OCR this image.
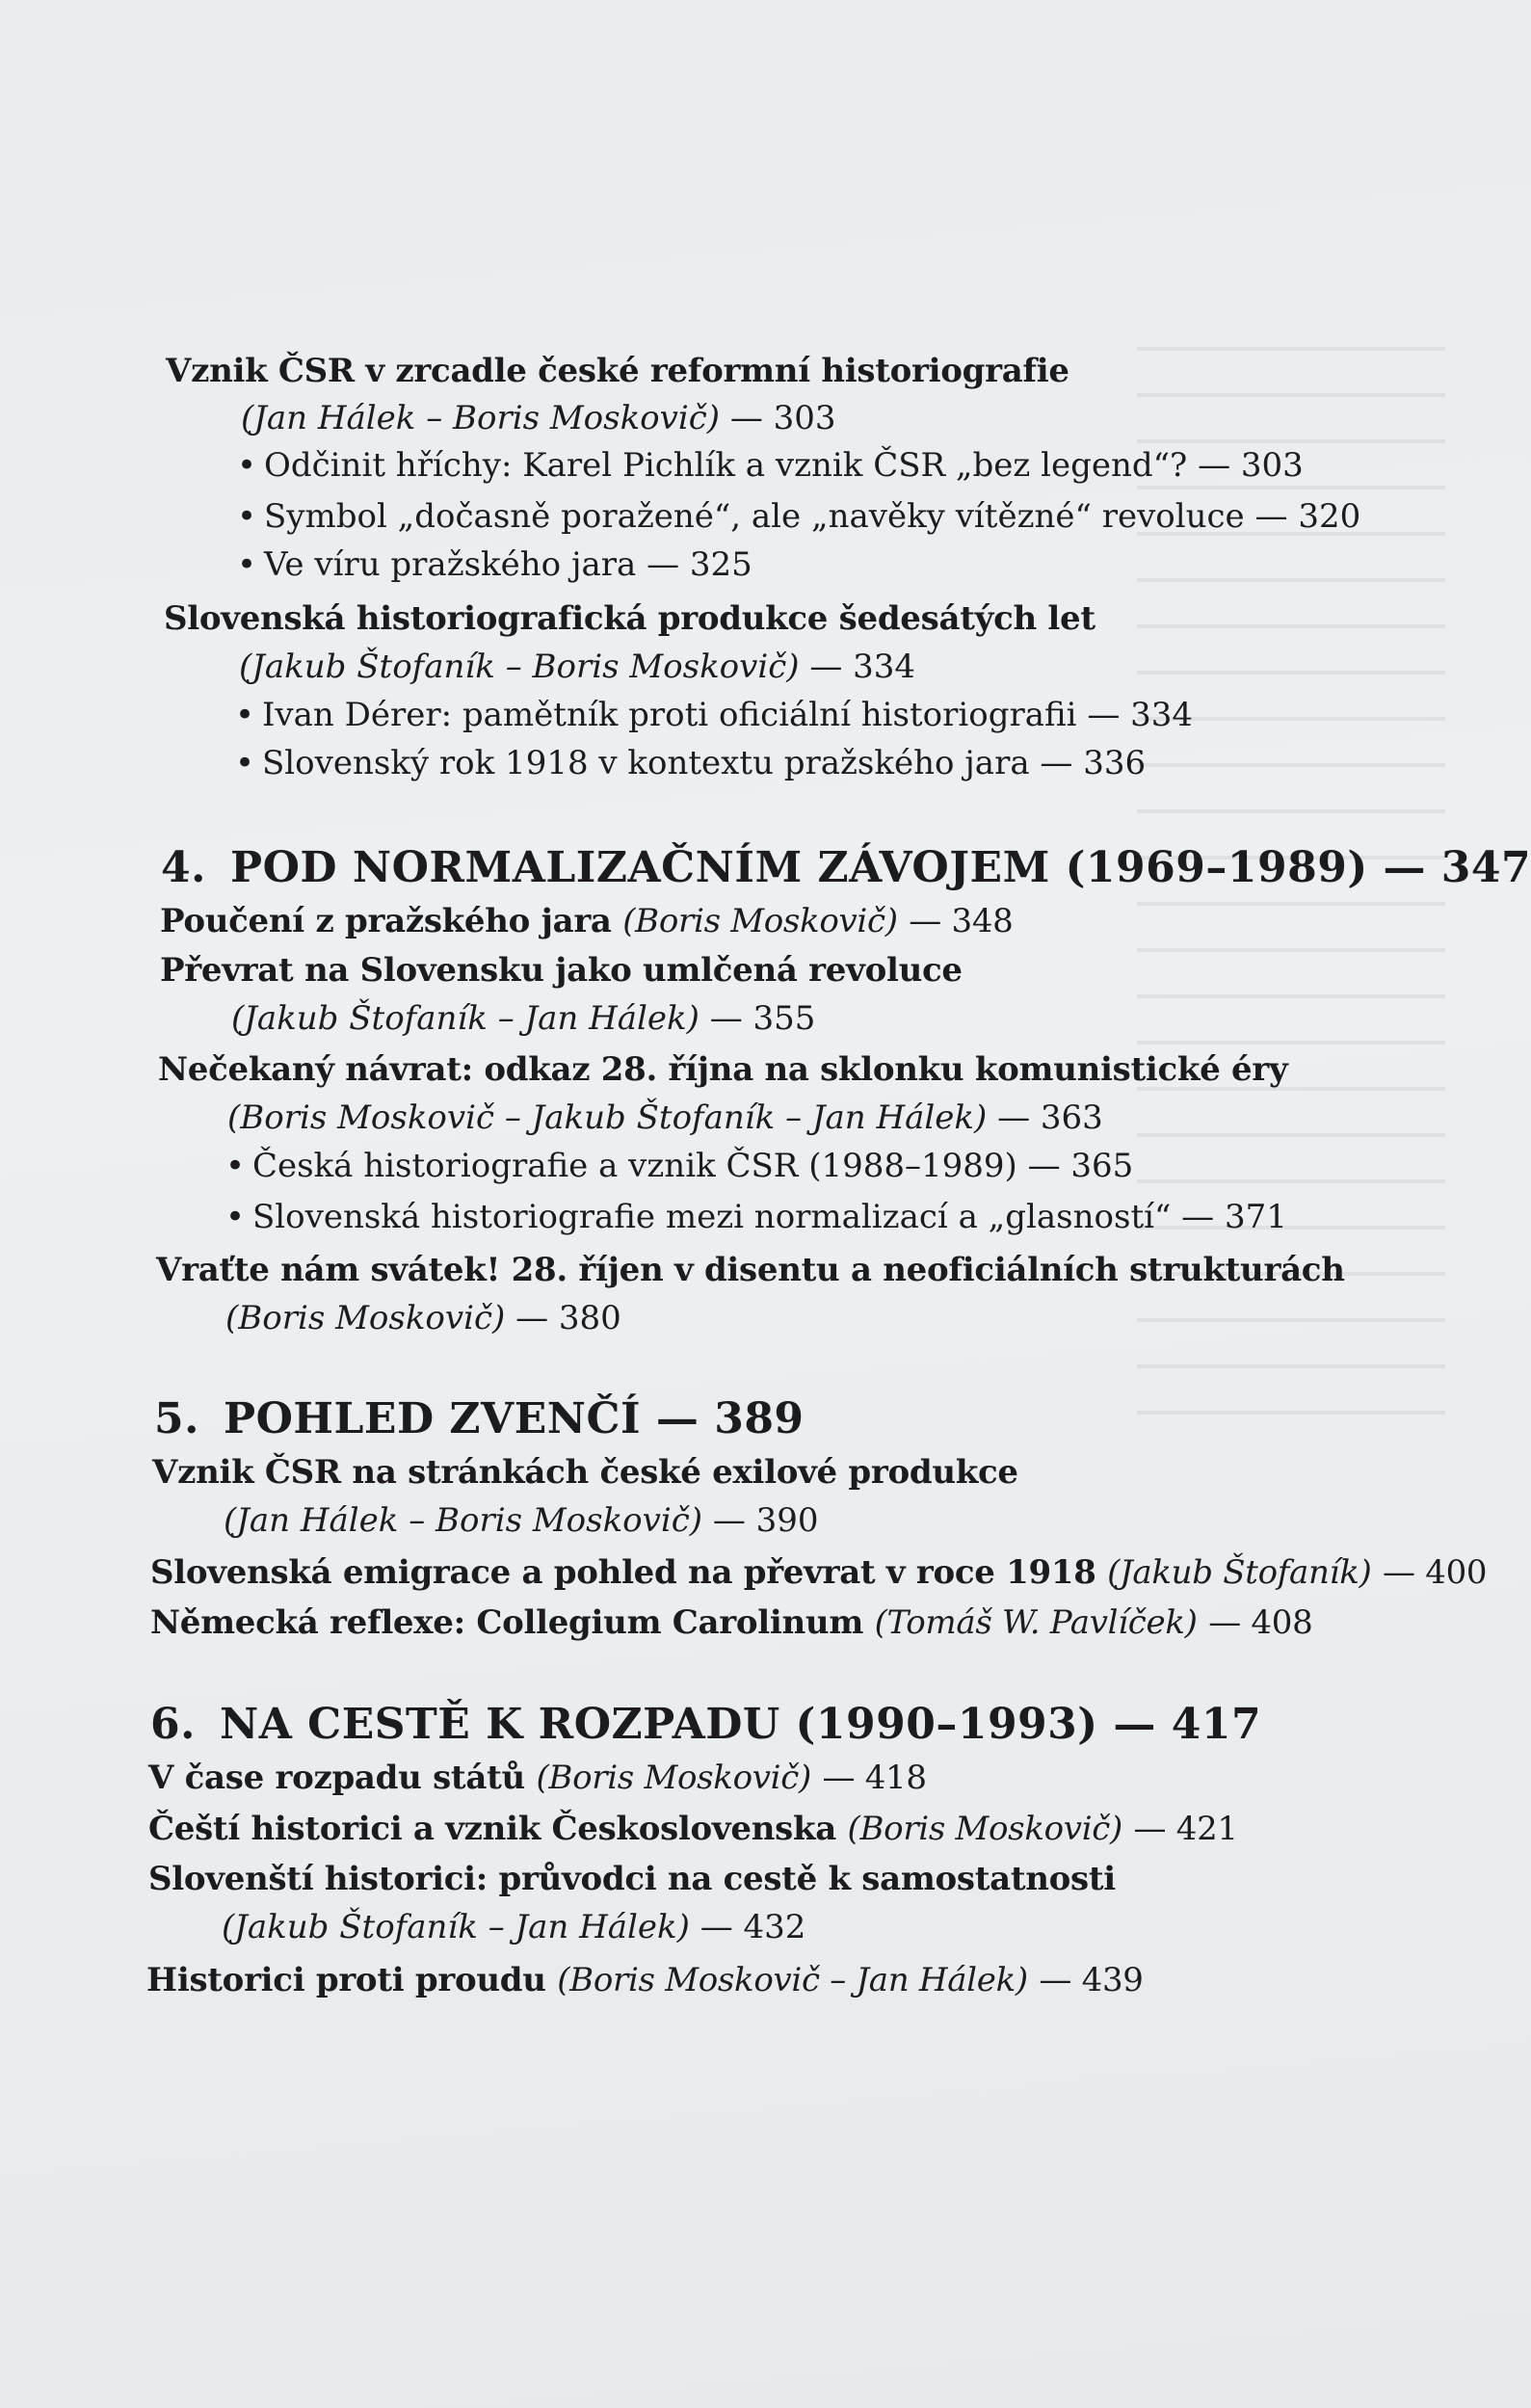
Vznik ČSR v zrcadle české reformní historiografie
(Jan Hálek – Boris Moskovič) — 303
• Odčinit hříchy: Karel Pichlík a vznik ČSR „bez legend“? — 303
• Symbol „dočasně poražené“, ale „navěky vítězné“ revoluce — 320
• Ve víru pražského jara — 325
Slovenská historiografická produkce šedesátých let
(Jakub Štofaník – Boris Moskovič) — 334
• Ivan Dérer: pamětník proti oficiální historiografii — 334
• Slovenský rok 1918 v kontextu pražského jara — 336
4. POD NORMALIZAČNÍM ZÁVOJEM (1969–1989) — 347
Poučení z pražského jara (Boris Moskovič) — 348
Převrat na Slovensku jako umlčená revoluce
(Jakub Štofaník – Jan Hálek) — 355
Nečekaný návrat: odkaz 28. října na sklonku komunistické éry
(Boris Moskovič – Jakub Štofaník – Jan Hálek) — 363
• Česká historiografie a vznik ČSR (1988–1989) — 365
• Slovenská historiografie mezi normalizací a „glasností“ — 371
Vraťte nám svátek! 28. říjen v disentu a neoficiálních strukturách
(Boris Moskovič) — 380
5. POHLED ZVENČÍ — 389
Vznik ČSR na stránkách české exilové produkce
(Jan Hálek – Boris Moskovič) — 390
Slovenská emigrace a pohled na převrat v roce 1918 (Jakub Štofaník) — 400
Německá reflexe: Collegium Carolinum (Tomáš W. Pavlíček) — 408
6. NA CESTĚ K ROZPADU (1990–1993) — 417
V čase rozpadu států (Boris Moskovič) — 418
Čeští historici a vznik Československa (Boris Moskovič) — 421
Slovenští historici: průvodci na cestě k samostatnosti
(Jakub Štofaník – Jan Hálek) — 432
Historici proti proudu (Boris Moskovič – Jan Hálek) — 439
